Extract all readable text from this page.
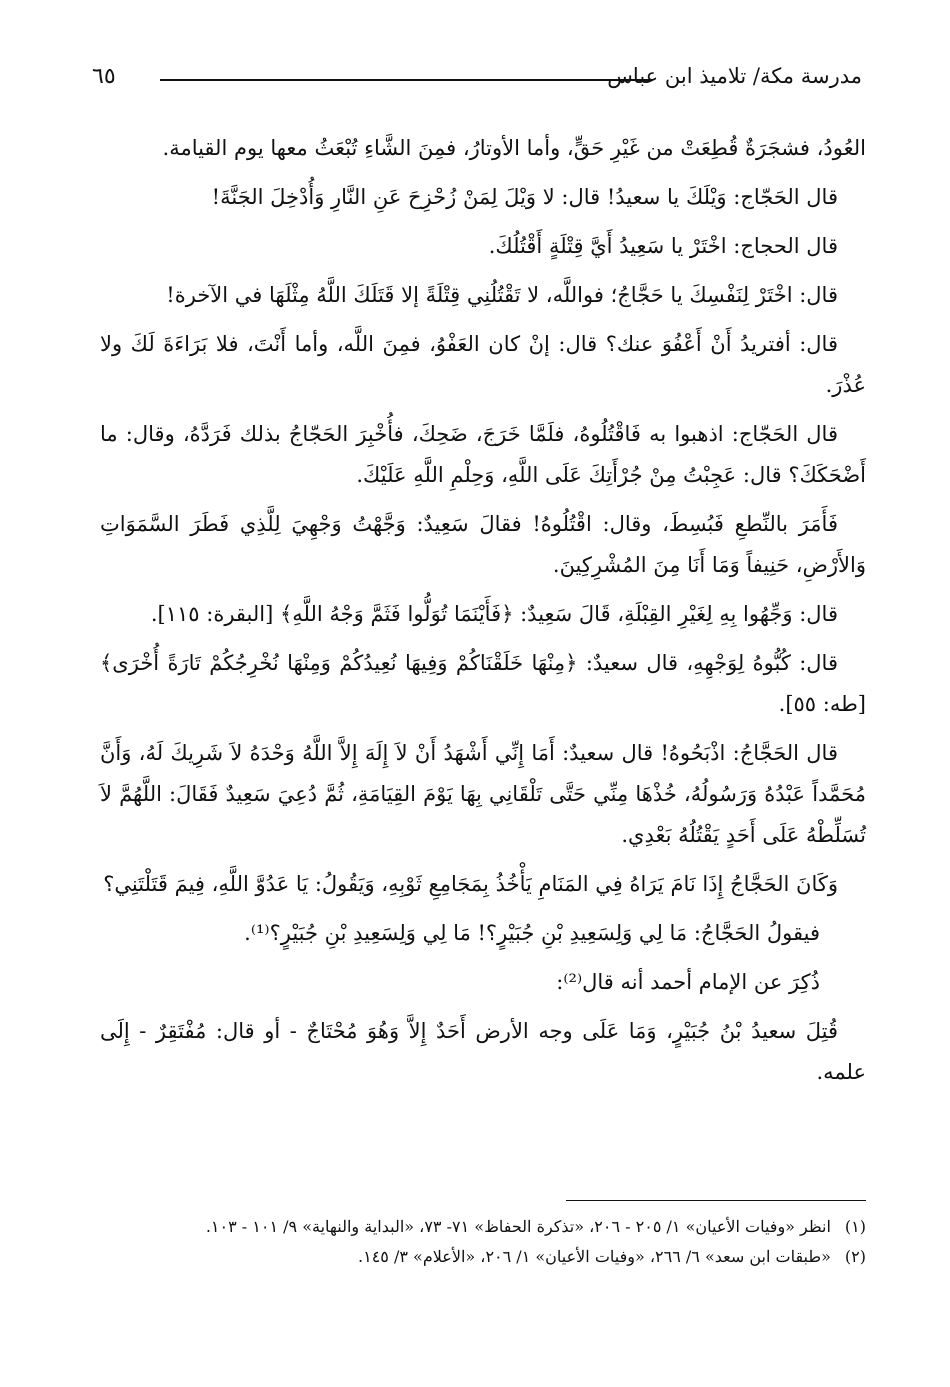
مدرسة مكة/ تلاميذ ابن عباس
٦٥

العُودُ، فشجَرَةٌ قُطِعَتْ من غَيْرِ حَقٍّ، وأما الأوتارُ، فمِنَ الشَّاءِ تُبْعَثُ معها يوم القيامة.

قال الحَجّاج: وَيْلَكَ يا سعيدُ! قال: لا وَيْلَ لِمَنْ زُحْزِحَ عَنِ النَّارِ وَأُدْخِلَ الجَنَّةَ!

قال الحجاج: اخْتَرْ يا سَعِيدُ أَيَّ قِتْلَةٍ أَقْتُلُكَ.

قال: اخْتَرْ لِنَفْسِكَ يا حَجَّاجُ؛ فواللَّه، لا تَقْتُلُنِي قِتْلَةً إلا قَتَلَكَ اللَّهُ مِثْلَهَا في الآخرة!

قال: أفتريدُ أَنْ أَعْفُوَ عنك؟ قال: إنْ كان العَفْوُ، فمِنَ اللَّه، وأما أَنْتَ، فلا بَرَاءَةَ لَكَ ولا عُذْرَ.

قال الحَجّاج: اذهبوا به فَاقْتُلُوهُ، فلَمَّا خَرَجَ، ضَحِكَ، فأُخْبِرَ الحَجّاجُ بذلك فَرَدَّهُ، وقال: ما أَضْحَكَكَ؟ قال: عَجِبْتُ مِنْ جُرْأَتِكَ عَلَى اللَّهِ، وَحِلْمِ اللَّهِ عَلَيْكَ.

فَأَمَرَ بالنِّطعِ فَبُسِطَ، وقال: اقْتُلُوهُ! فقالَ سَعِيدٌ: وَجَّهْتُ وَجْهِيَ لِلَّذِي فَطَرَ السَّمَوَاتِ وَالأَرْضِ، حَنِيفاً وَمَا أَنَا مِنَ المُشْرِكِينَ.

قال: وَجِّهُوا بِهِ لِغَيْرِ القِبْلَةِ، قَالَ سَعِيدٌ: ﴿فَأَيْنَمَا تُوَلُّوا فَثَمَّ وَجْهُ اللَّهِ﴾ [البقرة: ١١٥].

قال: كُبُّوهُ لِوَجْهِهِ، قال سعيدٌ: ﴿مِنْهَا خَلَقْنَاكُمْ وَفِيهَا نُعِيدُكُمْ وَمِنْهَا نُخْرِجُكُمْ تَارَةً أُخْرَى﴾ [طه: ٥٥].

قال الحَجَّاجُ: اذْبَحُوهُ! قال سعيدٌ: أَمَا إِنِّي أَشْهَدُ أَنْ لاَ إِلَهَ إِلاَّ اللَّهُ وَحْدَهُ لاَ شَرِيكَ لَهُ، وَأَنَّ مُحَمَّداً عَبْدُهُ وَرَسُولُهُ، خُذْهَا مِنِّي حَتَّى تَلْقَانِي بِهَا يَوْمَ القِيَامَةِ، ثُمَّ دُعِيَ سَعِيدٌ فَقَالَ: اللَّهُمَّ لاَ تُسَلِّطْهُ عَلَى أَحَدٍ يَقْتُلُهُ بَعْدِي.

وَكَانَ الحَجَّاجُ إِذَا نَامَ يَرَاهُ فِي المَنَامِ يَأْخُذُ بِمَجَامِعِ ثَوْبِهِ، وَيَقُولُ: يَا عَدُوَّ اللَّهِ، فِيمَ قَتَلْتَنِي؟

فيقولُ الحَجَّاجُ: مَا لِي وَلِسَعِيدِ بْنِ جُبَيْرٍ؟! مَا لِي وَلِسَعِيدِ بْنِ جُبَيْرٍ؟⁽¹⁾.

ذُكِرَ عن الإمام أحمد أنه قال⁽²⁾:

قُتِلَ سعيدُ بْنُ جُبَيْرٍ، وَمَا عَلَى وجه الأرض أَحَدٌ إِلاَّ وَهُوَ مُحْتَاجٌ - أو قال: مُفْتَقِرٌ - إِلَى علمه.

(١)انظر «وفيات الأعيان» ١/ ٢٠٥ - ٢٠٦، «تذكرة الحفاظ» ٧١- ٧٣، «البداية والنهاية» ٩/ ١٠١ - ١٠٣.

(٢)«طبقات ابن سعد» ٦/ ٢٦٦، «وفيات الأعيان» ١/ ٢٠٦، «الأعلام» ٣/ ١٤٥.
